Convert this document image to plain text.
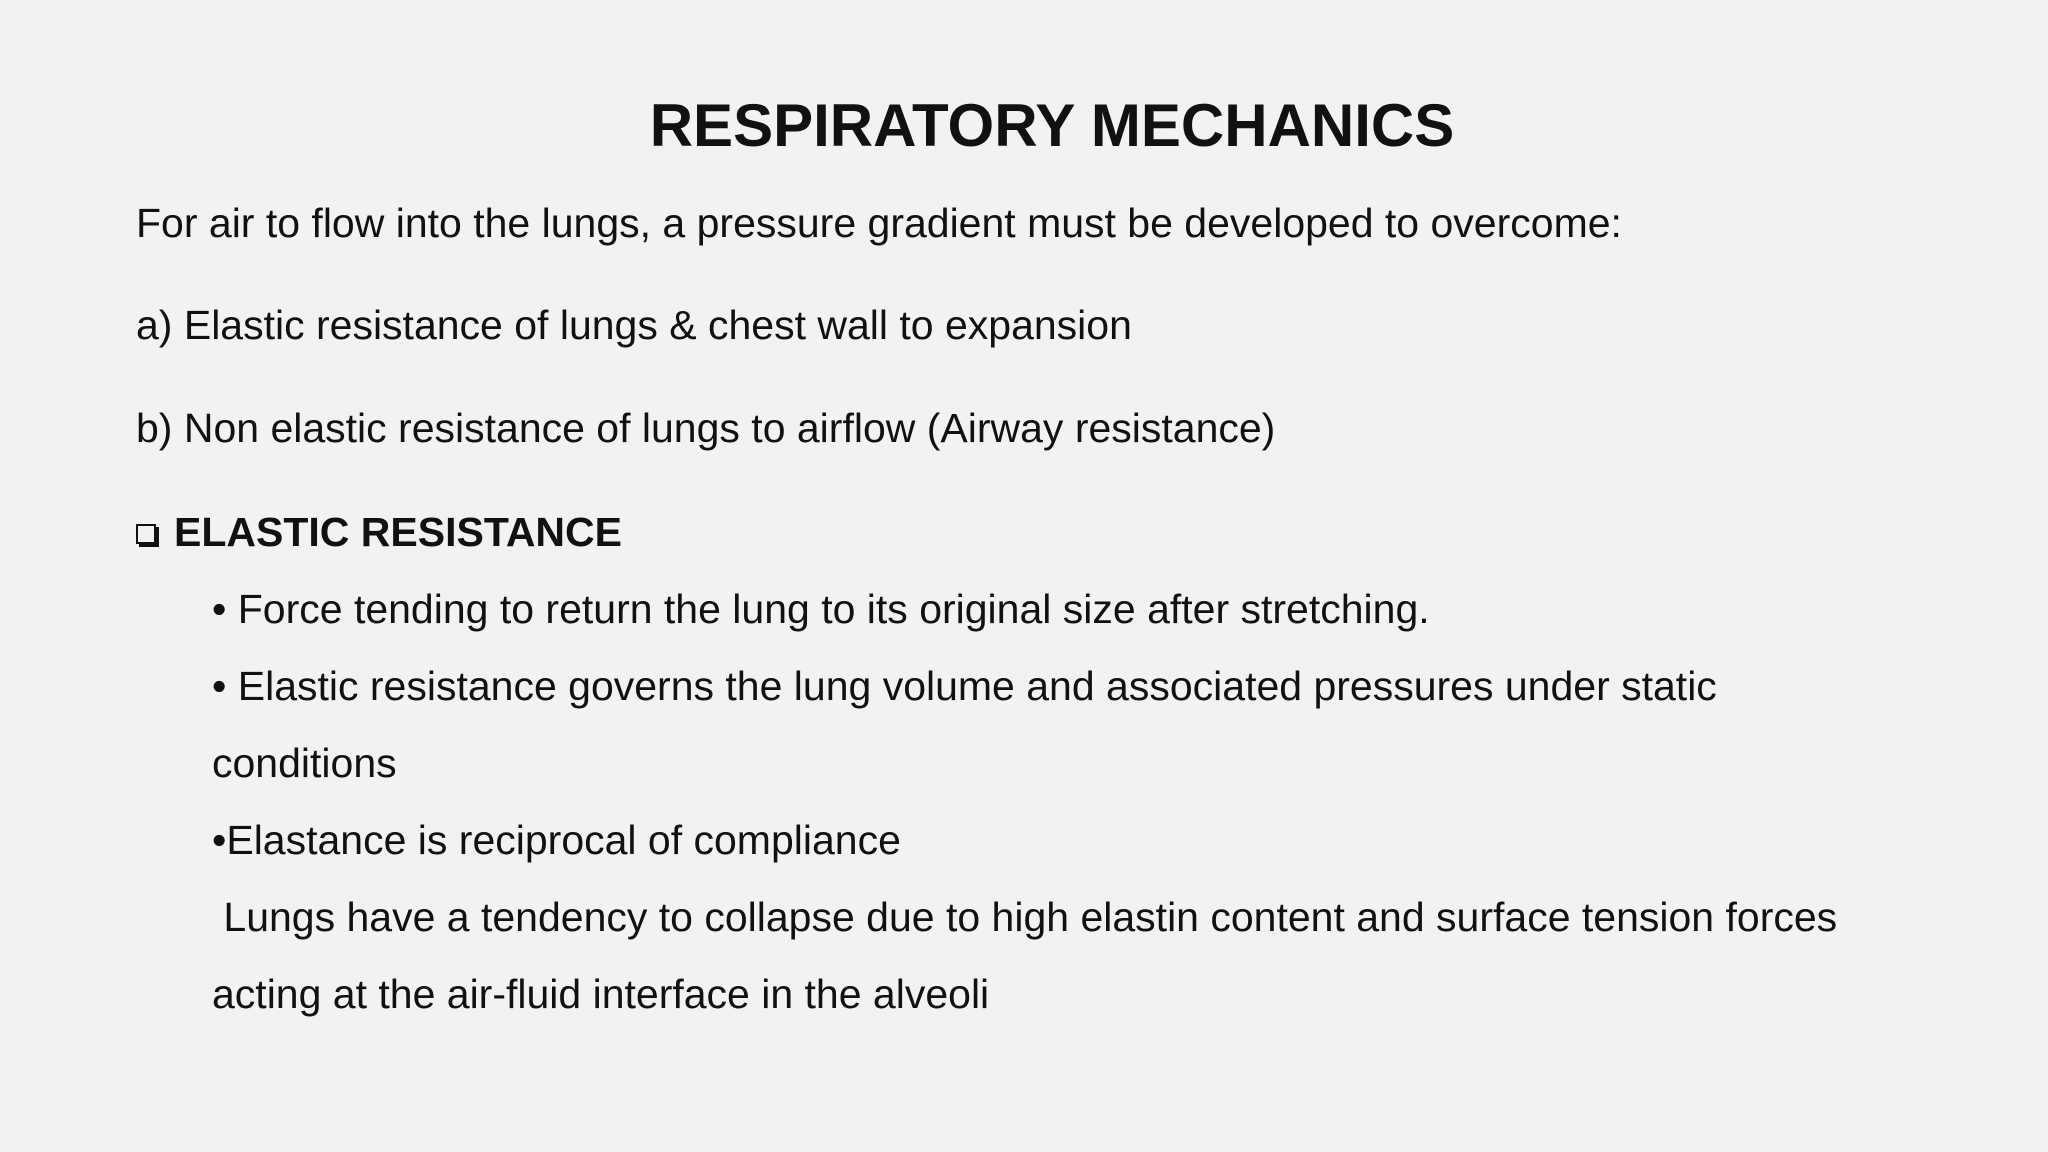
RESPIRATORY MECHANICS
For air to flow into the lungs, a pressure gradient must be developed to overcome:
a) Elastic resistance of lungs & chest wall to expansion
b) Non elastic resistance of lungs to airflow (Airway resistance)
ELASTIC RESISTANCE
• Force tending to return the lung to its original size after stretching.
• Elastic resistance governs the lung volume and associated pressures under static
conditions
•Elastance is reciprocal of compliance
Lungs have a tendency to collapse due to high elastin content and surface tension forces
acting at the air-fluid interface in the alveoli
